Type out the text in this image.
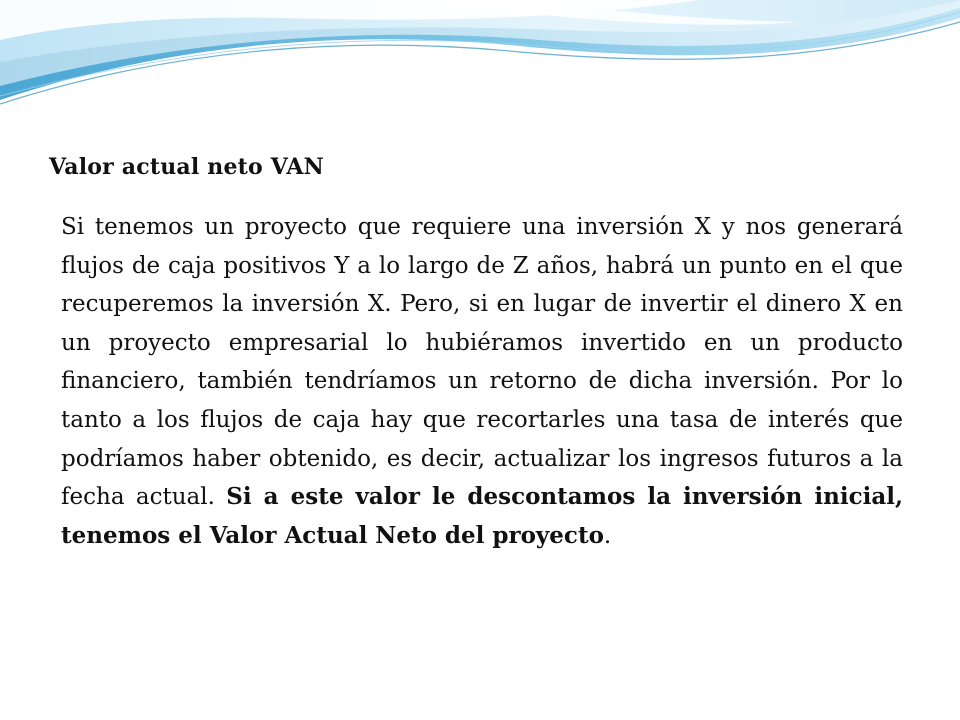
Valor actual neto VAN

Si tenemos un proyecto que requiere una inversión X y nos generará flujos de caja positivos Y a lo largo de Z años, habrá un punto en el que recuperemos la inversión X. Pero, si en lugar de invertir el dinero X en un proyecto empresarial lo hubiéramos invertido en un producto financiero, también tendríamos un retorno de dicha inversión. Por lo tanto a los flujos de caja hay que recortarles una tasa de interés que podríamos haber obtenido, es decir, actualizar los ingresos futuros a la fecha actual. Si a este valor le descontamos la inversión inicial, tenemos el Valor Actual Neto del proyecto.
